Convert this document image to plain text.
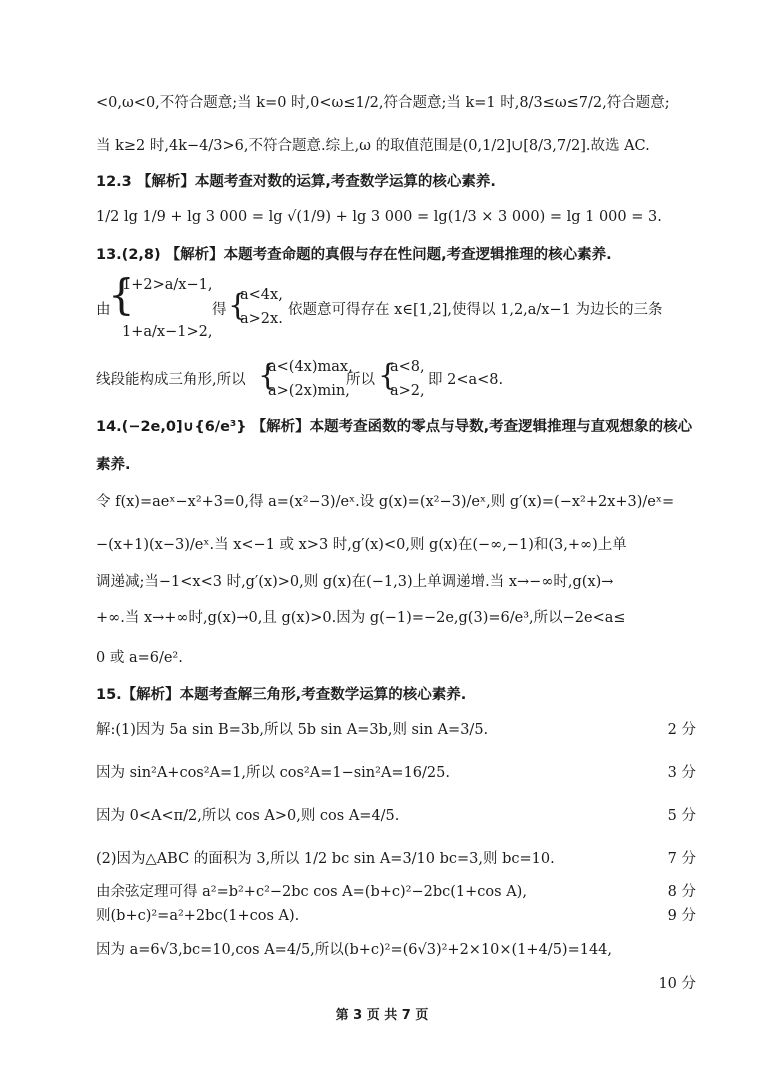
<0,ω<0,不符合题意;当 k=0 时,0<ω≤1/2,符合题意;当 k=1 时,8/3≤ω≤7/2,符合题意;
当 k≥2 时,4k−4/3>6,不符合题意.综上,ω 的取值范围是(0,1/2]∪[8/3,7/2].故选 AC.
12.3 【解析】本题考查对数的运算,考查数学运算的核心素养.
1/2 lg 1/9 + lg 3 000 = lg √(1/9) + lg 3 000 = lg(1/3 × 3 000) = lg 1 000 = 3.
13.(2,8) 【解析】本题考查命题的真假与存在性问题,考查逻辑推理的核心素养.
由
{
1+2>a/x−1,
1+a/x−1>2,
得 {
a<4x,
a>2x.
依题意可得存在 x∈[1,2],使得以 1,2,a/x−1 为边长的三条
线段能构成三角形,所以 {
a<(4x)max,
a>(2x)min,
所以 {
a<8,
a>2,
即 2<a<8.
14.(−2e,0]∪{6/e³} 【解析】本题考查函数的零点与导数,考查逻辑推理与直观想象的核心
素养.
令 f(x)=aeˣ−x²+3=0,得 a=(x²−3)/eˣ.设 g(x)=(x²−3)/eˣ,则 g′(x)=(−x²+2x+3)/eˣ=
−(x+1)(x−3)/eˣ.当 x<−1 或 x>3 时,g′(x)<0,则 g(x)在(−∞,−1)和(3,+∞)上单
调递减;当−1<x<3 时,g′(x)>0,则 g(x)在(−1,3)上单调递增.当 x→−∞时,g(x)→
+∞.当 x→+∞时,g(x)→0,且 g(x)>0.因为 g(−1)=−2e,g(3)=6/e³,所以−2e<a≤
0 或 a=6/e².
15.【解析】本题考查解三角形,考查数学运算的核心素养.
解:(1)因为 5a sin B=3b,所以 5b sin A=3b,则 sin A=3/5.	2 分
因为 sin²A+cos²A=1,所以 cos²A=1−sin²A=16/25.	3 分
因为 0<A<π/2,所以 cos A>0,则 cos A=4/5.	5 分
(2)因为△ABC 的面积为 3,所以 1/2 bc sin A=3/10 bc=3,则 bc=10.	7 分
由余弦定理可得 a²=b²+c²−2bc cos A=(b+c)²−2bc(1+cos A),	8 分
则(b+c)²=a²+2bc(1+cos A).	9 分
因为 a=6√3,bc=10,cos A=4/5,所以(b+c)²=(6√3)²+2×10×(1+4/5)=144,
10 分
第 3 页 共 7 页
